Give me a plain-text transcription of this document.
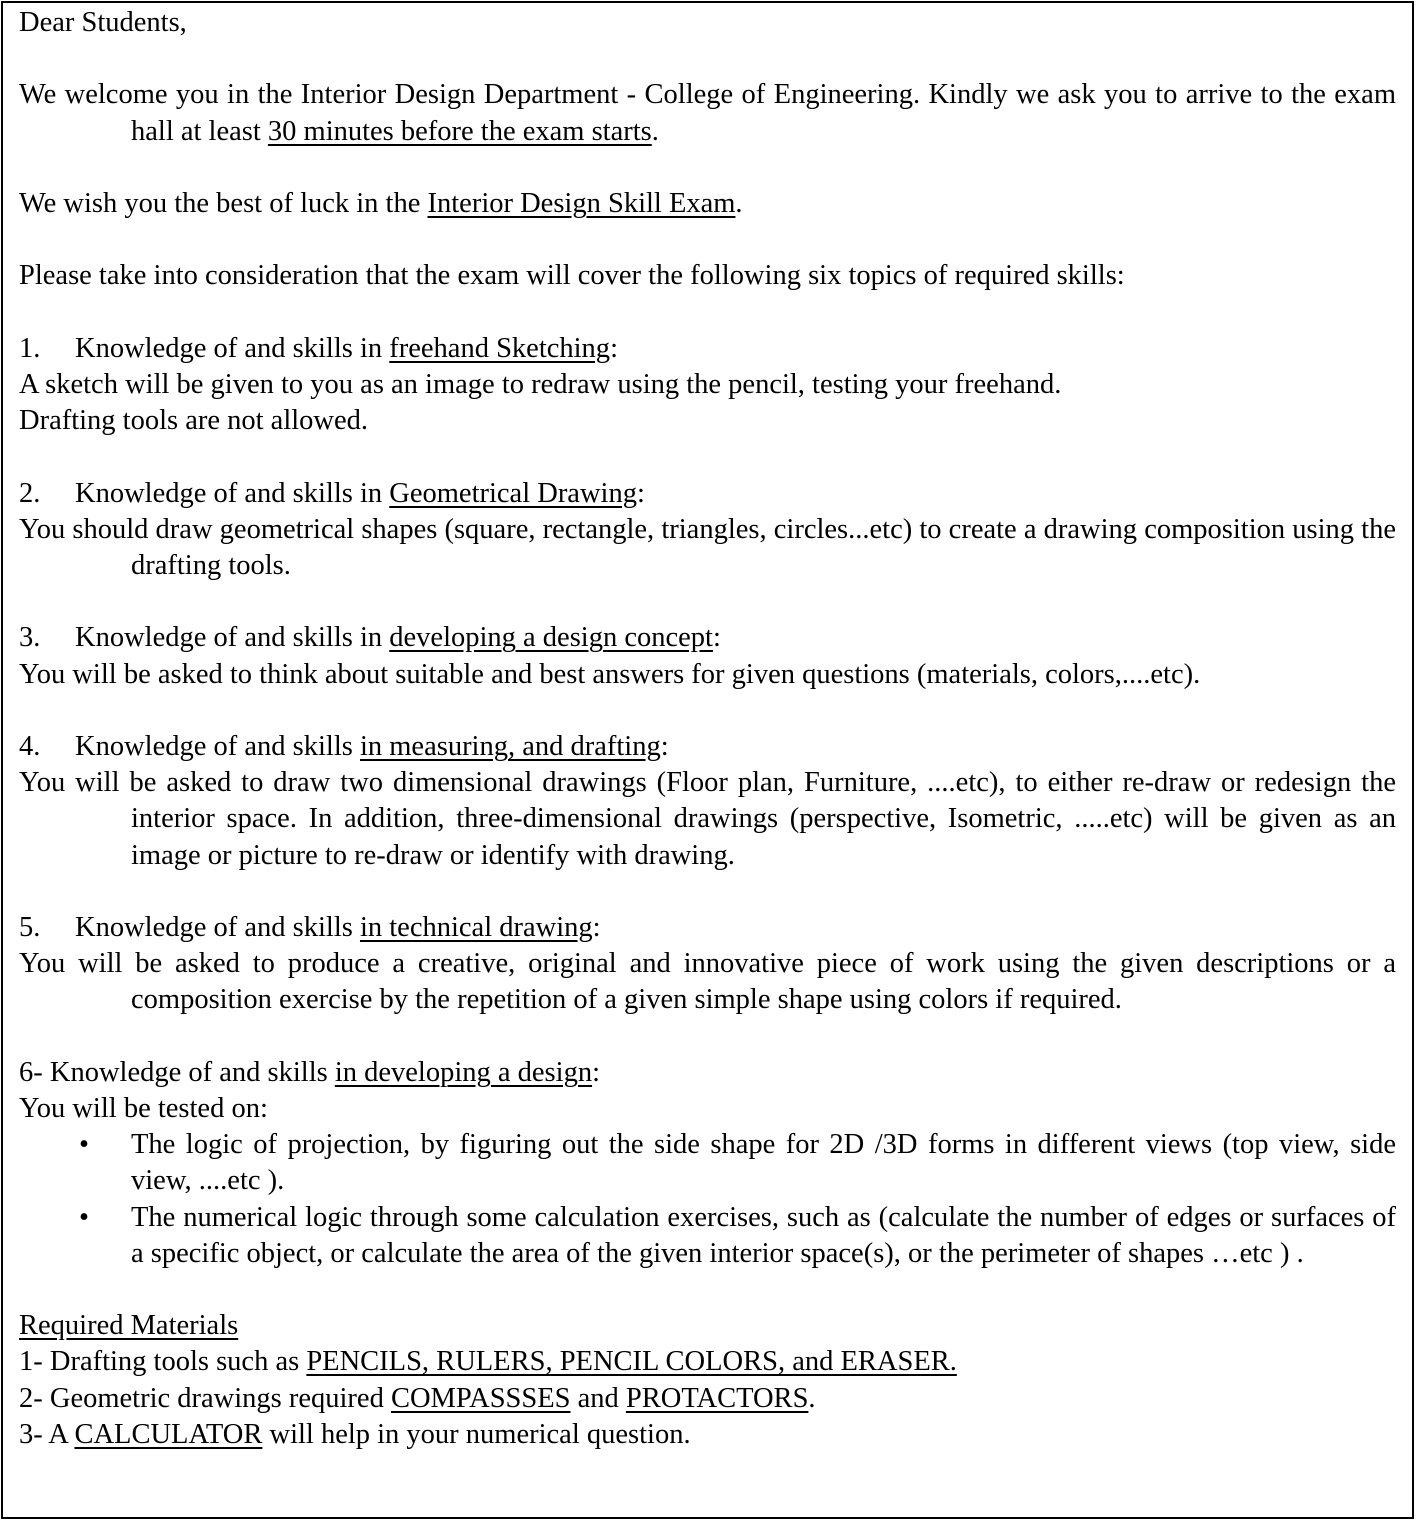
Dear Students,

We welcome you in the Interior Design Department - College of Engineering. Kindly we ask you to arrive to the exam hall at least 30 minutes before the exam starts.

We wish you the best of luck in the Interior Design Skill Exam.

Please take into consideration that the exam will cover the following six topics of required skills:

1. Knowledge of and skills in freehand Sketching:

A sketch will be given to you as an image to redraw using the pencil, testing your freehand.

Drafting tools are not allowed.

2. Knowledge of and skills in Geometrical Drawing:

You should draw geometrical shapes (square, rectangle, triangles, circles...etc) to create a drawing composition using the drafting tools.

3. Knowledge of and skills in developing a design concept:

You will be asked to think about suitable and best answers for given questions (materials, colors,....etc).

4. Knowledge of and skills in measuring, and drafting:

You will be asked to draw two dimensional drawings (Floor plan, Furniture, ....etc), to either re-draw or redesign the interior space. In addition, three-dimensional drawings (perspective, Isometric, .....etc) will be given as an image or picture to re-draw or identify with drawing.

5. Knowledge of and skills in technical drawing:

You will be asked to produce a creative, original and innovative piece of work using the given descriptions or a composition exercise by the repetition of a given simple shape using colors if required.

6- Knowledge of and skills in developing a design:

You will be tested on:

• The logic of projection, by figuring out the side shape for 2D /3D forms in different views (top view, side view, ....etc ).
• The numerical logic through some calculation exercises, such as (calculate the number of edges or surfaces of a specific object, or calculate the area of the given interior space(s), or the perimeter of shapes …etc ) .

Required Materials

1- Drafting tools such as PENCILS, RULERS, PENCIL COLORS, and ERASER.

2- Geometric drawings required COMPASSSES and PROTACTORS.

3- A CALCULATOR will help in your numerical question.
